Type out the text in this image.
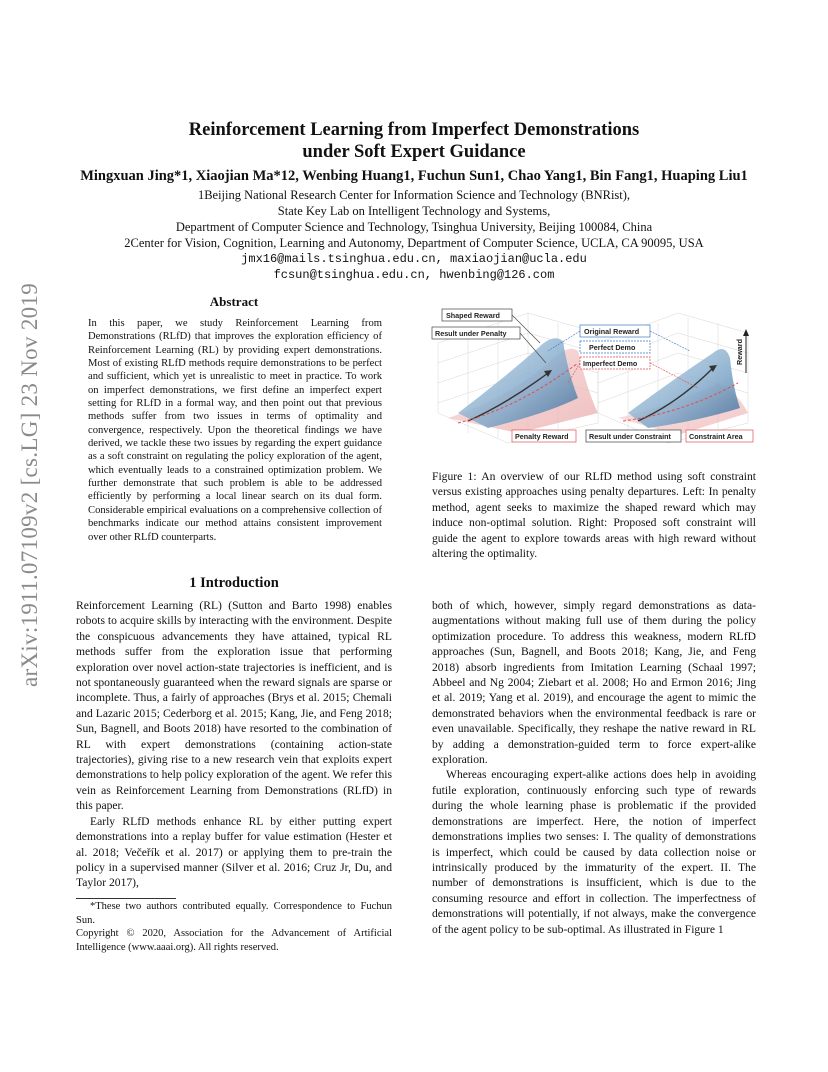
arXiv:1911.07109v2 [cs.LG] 23 Nov 2019
Reinforcement Learning from Imperfect Demonstrations
under Soft Expert Guidance
Mingxuan Jing*1, Xiaojian Ma*12, Wenbing Huang1, Fuchun Sun1, Chao Yang1, Bin Fang1, Huaping Liu1
1Beijing National Research Center for Information Science and Technology (BNRist),
State Key Lab on Intelligent Technology and Systems,
Department of Computer Science and Technology, Tsinghua University, Beijing 100084, China
2Center for Vision, Cognition, Learning and Autonomy, Department of Computer Science, UCLA, CA 90095, USA
jmx16@mails.tsinghua.edu.cn, maxiaojian@ucla.edu
fcsun@tsinghua.edu.cn, hwenbing@126.com
Abstract
In this paper, we study Reinforcement Learning from Demonstrations (RLfD) that improves the exploration efficiency of Reinforcement Learning (RL) by providing expert demonstrations. Most of existing RLfD methods require demonstrations to be perfect and sufficient, which yet is unrealistic to meet in practice. To work on imperfect demonstrations, we first define an imperfect expert setting for RLfD in a formal way, and then point out that previous methods suffer from two issues in terms of optimality and convergence, respectively. Upon the theoretical findings we have derived, we tackle these two issues by regarding the expert guidance as a soft constraint on regulating the policy exploration of the agent, which eventually leads to a constrained optimization problem. We further demonstrate that such problem is able to be addressed efficiently by performing a local linear search on its dual form. Considerable empirical evaluations on a comprehensive collection of benchmarks indicate our method attains consistent improvement over other RLfD counterparts.
Reward
Shaped Reward
Result under Penalty	Original Reward
Perfect Demo
Imperfect Demo
Penalty Reward	Result under Constraint	Constraint Area
Figure 1: An overview of our RLfD method using soft constraint versus existing approaches using penalty departures. Left: In penalty method, agent seeks to maximize the shaped reward which may induce non-optimal solution. Right: Proposed soft constraint will guide the agent to explore towards areas with high reward without altering the optimality.
1 Introduction

Reinforcement Learning (RL) (Sutton and Barto 1998) enables robots to acquire skills by interacting with the environment. Despite the conspicuous advancements they have attained, typical RL methods suffer from the exploration issue that performing exploration over novel action-state trajectories is inefficient, and is not spontaneously guaranteed when the reward signals are sparse or incomplete. Thus, a fairly of approaches (Brys et al. 2015; Chemali and Lazaric 2015; Cederborg et al. 2015; Kang, Jie, and Feng 2018; Sun, Bagnell, and Boots 2018) have resorted to the combination of RL with expert demonstrations (containing action-state trajectories), giving rise to a new research vein that exploits expert demonstrations to help policy exploration of the agent. We refer this vein as Reinforcement Learning from Demonstrations (RLfD) in this paper.

Early RLfD methods enhance RL by either putting expert demonstrations into a replay buffer for value estimation (Hester et al. 2018; Večeřík et al. 2017) or applying them to pre-train the policy in a supervised manner (Silver et al. 2016; Cruz Jr, Du, and Taylor 2017),

*These two authors contributed equally. Correspondence to Fuchun Sun.

Copyright © 2020, Association for the Advancement of Artificial Intelligence (www.aaai.org). All rights reserved.

both of which, however, simply regard demonstrations as data-augmentations without making full use of them during the policy optimization procedure. To address this weakness, modern RLfD approaches (Sun, Bagnell, and Boots 2018; Kang, Jie, and Feng 2018) absorb ingredients from Imitation Learning (Schaal 1997; Abbeel and Ng 2004; Ziebart et al. 2008; Ho and Ermon 2016; Jing et al. 2019; Yang et al. 2019), and encourage the agent to mimic the demonstrated behaviors when the environmental feedback is rare or even unavailable. Specifically, they reshape the native reward in RL by adding a demonstration-guided term to force expert-alike exploration.

Whereas encouraging expert-alike actions does help in avoiding futile exploration, continuously enforcing such type of rewards during the whole learning phase is problematic if the provided demonstrations are imperfect. Here, the notion of imperfect demonstrations implies two senses: I. The quality of demonstrations is imperfect, which could be caused by data collection noise or intrinsically produced by the immaturity of the expert. II. The number of demonstrations is insufficient, which is due to the consuming resource and effort in collection. The imperfectness of demonstrations will potentially, if not always, make the convergence of the agent policy to be sub-optimal. As illustrated in Figure 1
